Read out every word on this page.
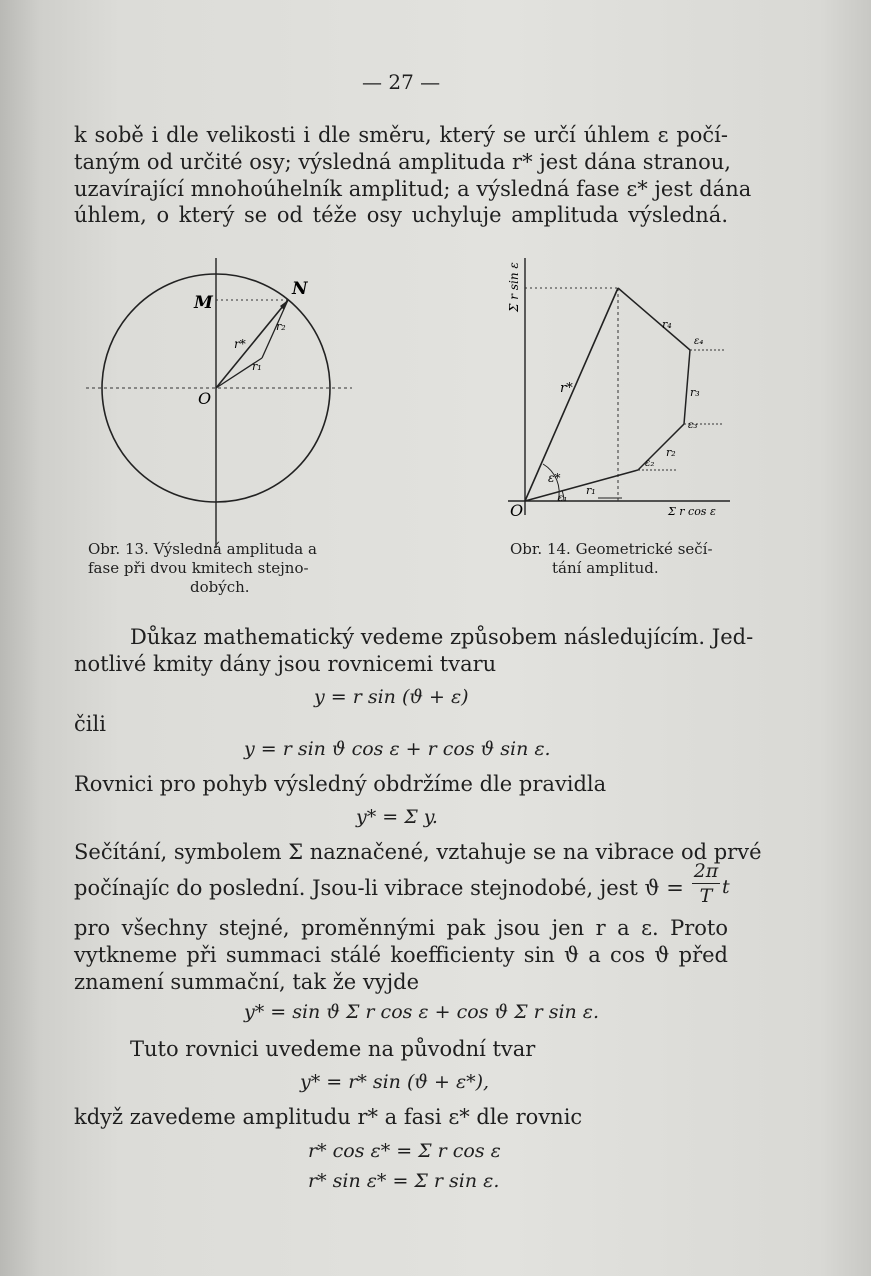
— 27 —
k sobě i dle velikosti i dle směru, který se určí úhlem ε počí-
taným od určité osy; výsledná amplituda r* jest dána stranou,
uzavírající mnohoúhelník amplitud; a výsledná fase ε* jest dána
úhlem, o který se od téže osy uchyluje amplituda výsledná.
M
N
O
r*
r₁
r₂
Obr. 13. Výsledná amplituda a
fase při dvou kmitech stejno-
dobých.
Σ r sin ε
Σ r cos ε
O
r*
ε*
ε₁
r₁
ε₂
r₂
ε₃
r₃
ε₄
r₄
Obr. 14. Geometrické sečí-
tání amplitud.
Důkaz mathematický vedeme způsobem následujícím. Jed-
notlivé kmity dány jsou rovnicemi tvaru
y = r sin (ϑ + ε)
čili
y = r sin ϑ cos ε + r cos ϑ sin ε.
Rovnici pro pohyb výsledný obdržíme dle pravidla
y* = Σ y.
Sečítání, symbolem Σ naznačené, vztahuje se na vibrace od prvé
počínajíc do poslední. Jsou-li vibrace stejnodobé, jest ϑ =
2π
T t
pro všechny stejné, proměnnými pak jsou jen r a ε. Proto
vytkneme při summaci stálé koefficienty sin ϑ a cos ϑ před
znamení summační, tak že vyjde
y* = sin ϑ Σ r cos ε + cos ϑ Σ r sin ε.
Tuto rovnici uvedeme na původní tvar
y* = r* sin (ϑ + ε*),
když zavedeme amplitudu r* a fasi ε* dle rovnic
r* cos ε* = Σ r cos ε
r* sin ε* = Σ r sin ε.
